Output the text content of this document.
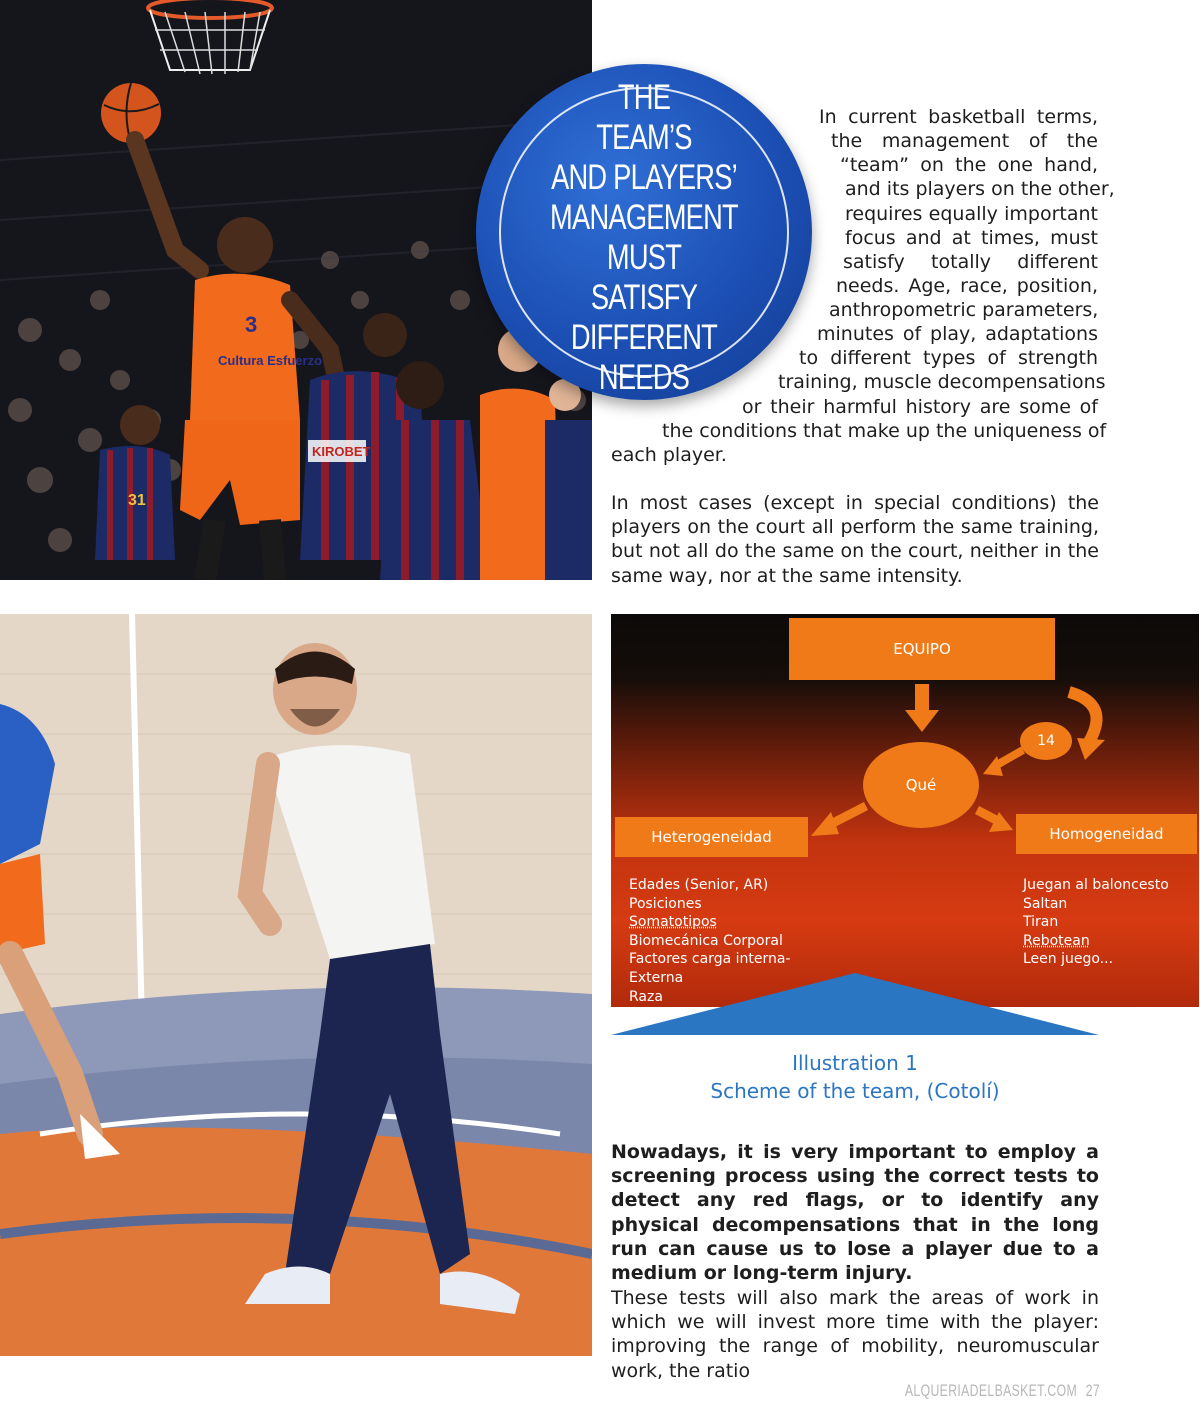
3
Cultura Esfuerzo
31
KIROBET
THE
TEAM’S
AND PLAYERS’
MANAGEMENT MUST
SATISFY DIFFERENT
NEEDS
In current basketball terms,
the management of the
“team” on the one hand,
and its players on the other,
requires equally important
focus and at times, must
satisfy totally different
needs. Age, race, position,
anthropometric parameters,
minutes of play, adaptations
to different types of strength
training, muscle decompensations
or their harmful history are some of
the conditions that make up the uniqueness of
each player.

In most cases (except in special conditions) the players on the court all perform the same training, but not all do the same on the court, neither in the same way, nor at the same intensity.

EQUIPO
Qué
14
Heterogeneidad	Homogeneidad
Edades (Senior, AR)
Posiciones
Somatotipos
Biomecánica Corporal
Factores carga interna-
Externa
Raza
Juegan al baloncesto
Saltan
Tiran
Rebotean
Leen juego...
Illustration 1
Scheme of the team, (Cotolí)

Nowadays, it is very important to employ a screening process using the correct tests to detect any red flags, or to identify any physical decompensations that in the long run can cause us to lose a player due to a medium or long-term injury.

These tests will also mark the areas of work in which we will invest more time with the player: improving the range of mobility, neuromuscular work, the ratio

ALQUERIADELBASKET.COM 27
